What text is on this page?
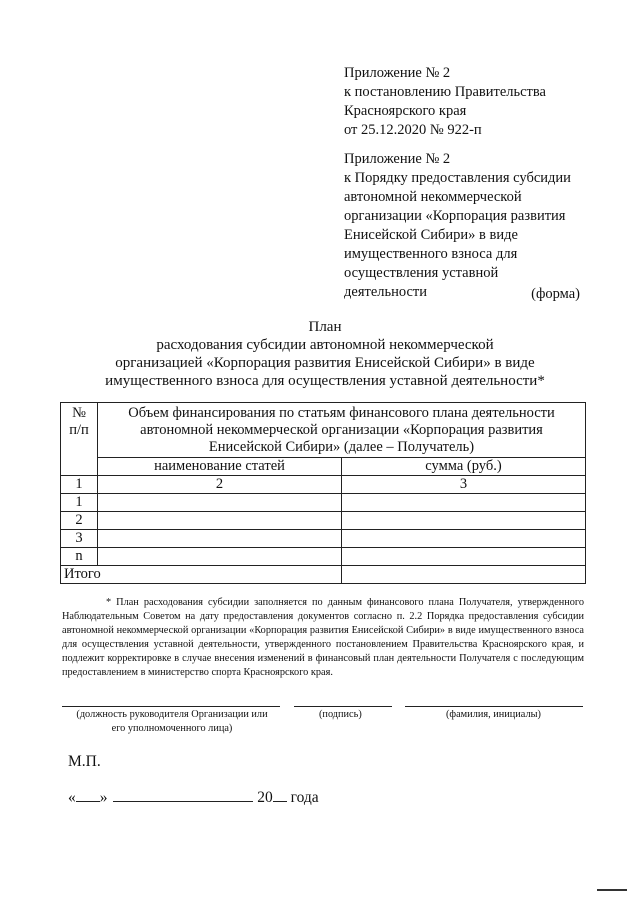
Приложение № 2
к постановлению Правительства
Красноярского края
от 25.12.2020 № 922-п
Приложение № 2
к Порядку предоставления субсидии
автономной некоммерческой
организации «Корпорация развития
Енисейской Сибири» в виде
имущественного взноса для
осуществления уставной
деятельности	(форма)
План
расходования субсидии автономной некоммерческой
организацией «Корпорация развития Енисейской Сибири» в виде
имущественного взноса для осуществления уставной деятельности*
№
п/п	Объем финансирования по статьям финансового плана деятельности
автономной некоммерческой организации «Корпорация развития
Енисейской Сибири» (далее – Получатель)	

	наименование статей	сумма (руб.)
1	2	3
1		
2		
3		
n		
Итого		
* План расходования субсидии заполняется по данным финансового плана Получателя, утвержденного Наблюдательным Советом на дату предоставления документов согласно п. 2.2 Порядка предоставления субсидии автономной некоммерческой организации «Корпорация развития Енисейской Сибири» в виде имущественного взноса для осуществления уставной деятельности, утвержденного постановлением Правительства Красноярского края, и подлежит корректировке в случае внесения изменений в финансовый план деятельности Получателя с последующим предоставлением в министерство спорта Красноярского края.
(должность руководителя Организации или
его уполномоченного лица)
(подпись)	(фамилия, инициалы)
М.П.
« »	20 года
